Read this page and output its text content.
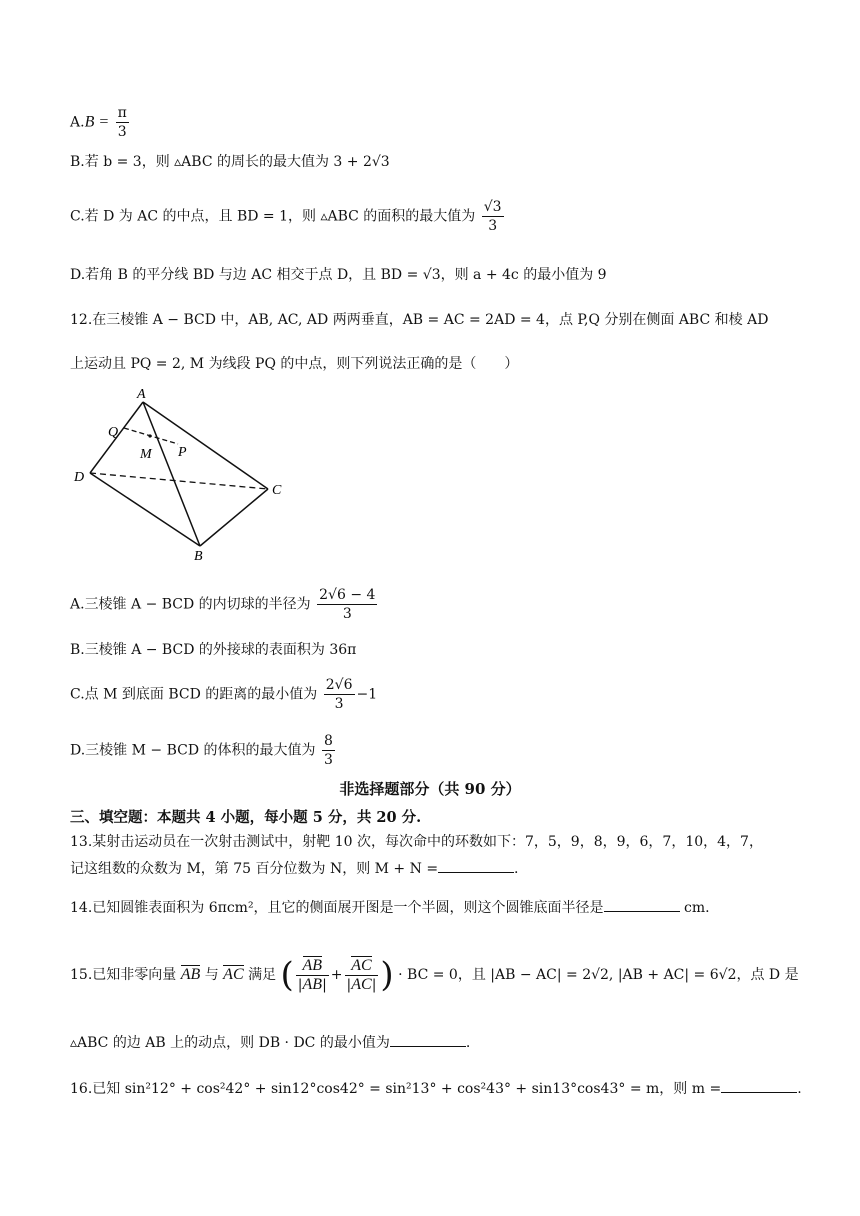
$A.B = \frac{\pi}{3}$
B.若 b = 3，则 ▵ABC 的周长的最大值为 3 + 2√3
C.若 D 为 AC 的中点，且 BD = 1，则 ▵ABC 的面积的最大值为 $\frac{√3}{3}$
D.若角 B 的平分线 BD 与边 AC 相交于点 D，且 BD = √3，则 a + 4c 的最小值为 9
12.在三棱锥 A − BCD 中，AB, AC, AD 两两垂直，AB = AC = 2AD = 4，点 P,Q 分别在侧面 ABC 和棱 AD
上运动且 PQ = 2, M 为线段 PQ 的中点，则下列说法正确的是（　　）
A
D
C
B
Q
M P
A.三棱锥 A − BCD 的内切球的半径为 $\frac{2√6 - 4}{3}$
B.三棱锥 A − BCD 的外接球的表面积为 36π
C.点 M 到底面 BCD 的距离的最小值为 $\frac{2√6}{3} -1$
D.三棱锥 M − BCD 的体积的最大值为 $\frac{8}{3}$
非选择题部分（共 90 分）
三、填空题：本题共 4 小题，每小题 5 分，共 20 分.
13.某射击运动员在一次射击测试中，射靶 10 次，每次命中的环数如下：7，5，9，8，9，6，7，10，4，7，
记这组数的众数为 M，第 75 百分位数为 N，则 M + N =	.
14.已知圆锥表面积为 6πcm²，且它的侧面展开图是一个半圆，则这个圆锥底面半径是	cm.
15.已知非零向量 AB 与 AC 满足 ( $\frac{AB}{|AB|} + \frac{AC}{|AC|}$ ) · BC = 0，且 |AB − AC| = 2√2, |AB + AC| = 6√2，点 D 是
▵ABC 的边 AB 上的动点，则 DB · DC 的最小值为	.
16.已知 sin²12° + cos²42° + sin12°cos42° = sin²13° + cos²43° + sin13°cos43° = m，则 m =	.
